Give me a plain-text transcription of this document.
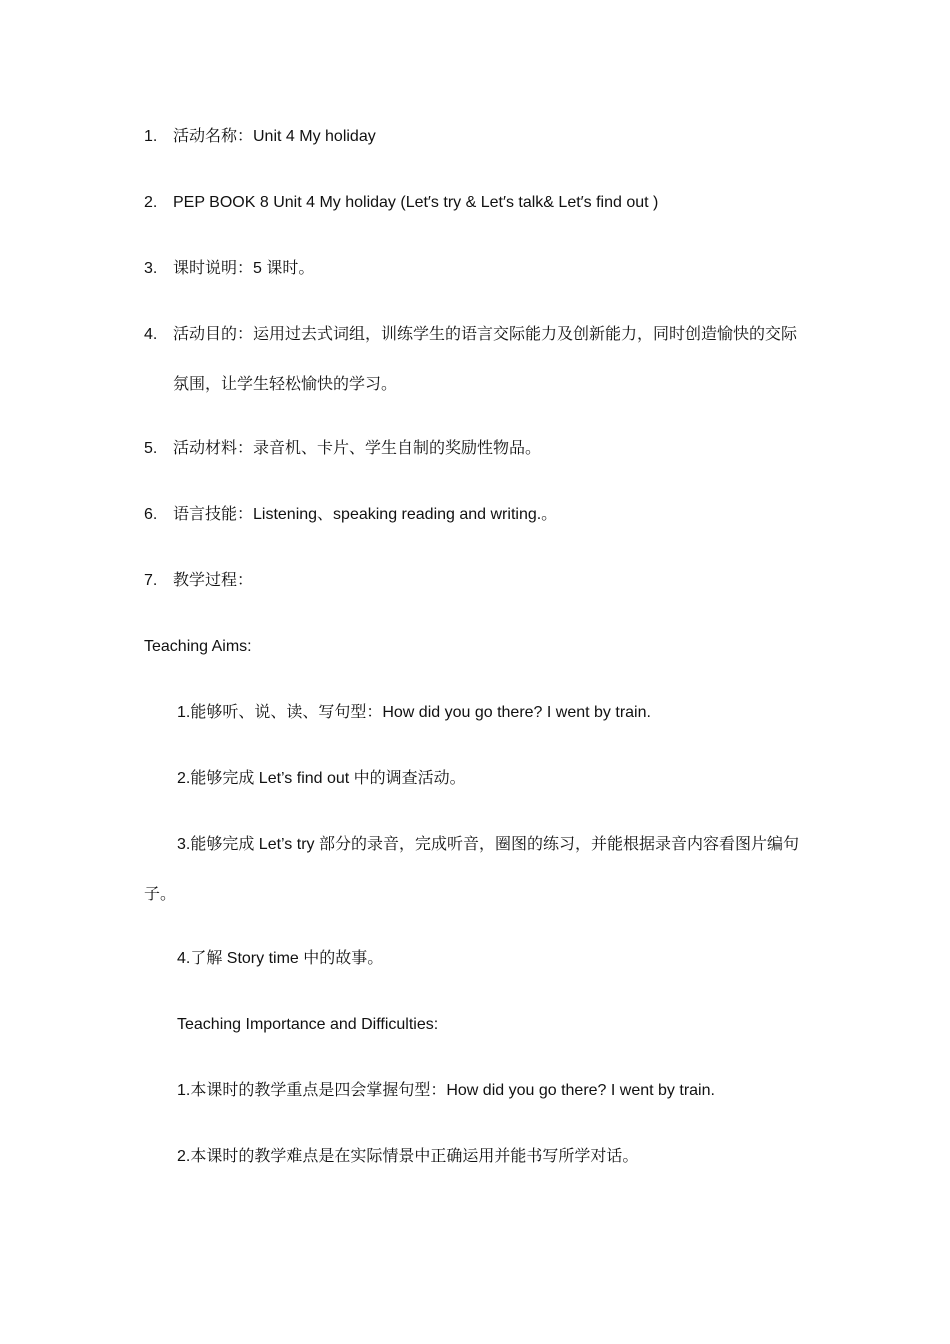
1. 活动名称：Unit 4 My holiday
2. PEP BOOK 8 Unit 4 My holiday (Let′s try & Let′s talk& Let′s find out )
3. 课时说明：5 课时。
4. 活动目的：运用过去式词组，训练学生的语言交际能力及创新能力，同时创造愉快的交际
氛围，让学生轻松愉快的学习。
5. 活动材料：录音机、卡片、学生自制的奖励性物品。
6. 语言技能：Listening、speaking reading and writing.。
7. 教学过程：
Teaching Aims:
1.能够听、说、读、写句型：How did you go there? I went by train.
2.能够完成 Let’s find out 中的调查活动。
3.能够完成 Let’s try 部分的录音，完成听音，圈图的练习，并能根据录音内容看图片编句
子。
4.了解 Story time 中的故事。
Teaching Importance and Difficulties:
1.本课时的教学重点是四会掌握句型：How did you go there? I went by train.
2.本课时的教学难点是在实际情景中正确运用并能书写所学对话。
